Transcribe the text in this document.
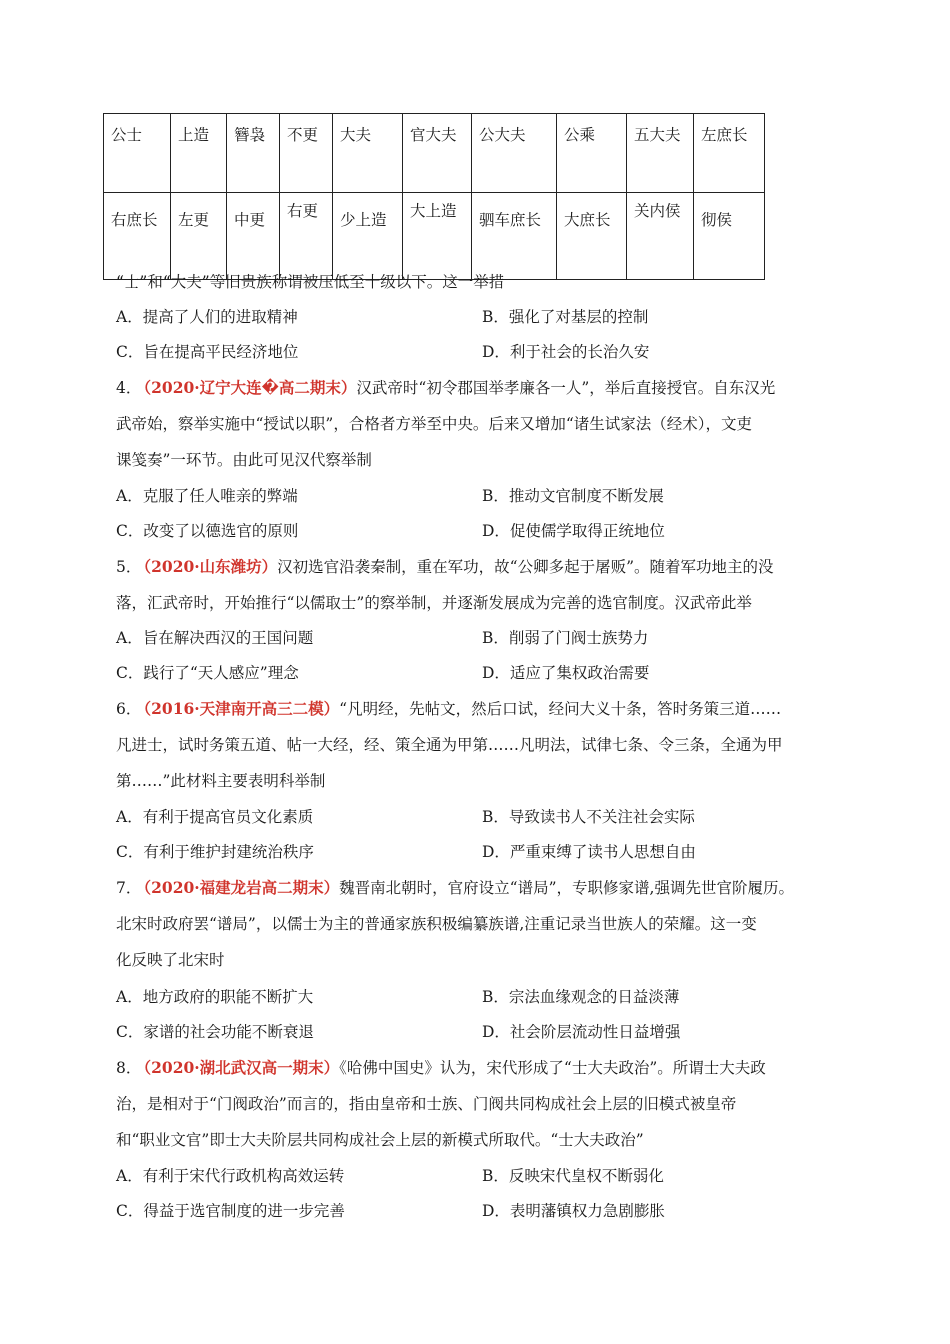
公士	上造	簪袅	不更	大夫	官大夫	公大夫	公乘	五大夫	左庶长
右庶长	左更	中更	右更	少上造	大上造	驷车庶长	大庶长	关内侯	彻侯
“士”和“大夫”等旧贵族称谓被压低至十级以下。这一举措
A．提高了人们的进取精神	B．强化了对基层的控制
C．旨在提高平民经济地位	D．利于社会的长治久安
4． （2020·辽宁大连�高二期末）汉武帝时“初令郡国举孝廉各一人”，举后直接授官。自东汉光
武帝始，察举实施中“授试以职”，合格者方举至中央。后来又增加“诸生试家法（经术），文吏
课笺奏”一环节。由此可见汉代察举制
A．克服了任人唯亲的弊端	B．推动文官制度不断发展
C．改变了以德选官的原则	D．促使儒学取得正统地位
5． （2020·山东潍坊）汉初选官沿袭秦制，重在军功，故“公卿多起于屠贩”。随着军功地主的没
落，汇武帝时，开始推行“以儒取士”的察举制，并逐渐发展成为完善的选官制度。汉武帝此举
A．旨在解决西汉的王国问题	B．削弱了门阀士族势力
C．践行了“天人感应”理念	D．适应了集权政治需要
6． （2016·天津南开高三二模）“凡明经，先帖文，然后口试，经问大义十条，答时务策三道……
凡进士，试时务策五道、帖一大经，经、策全通为甲第……凡明法，试律七条、令三条，全通为甲
第……”此材料主要表明科举制
A．有利于提高官员文化素质	B．导致读书人不关注社会实际
C．有利于维护封建统治秩序	D．严重束缚了读书人思想自由
7． （2020·福建龙岩高二期末）魏晋南北朝时，官府设立“谱局”，专职修家谱,强调先世官阶履历。
北宋时政府罢“谱局”，以儒士为主的普通家族积极编纂族谱,注重记录当世族人的荣耀。这一变
化反映了北宋时
A．地方政府的职能不断扩大	B．宗法血缘观念的日益淡薄
C．家谱的社会功能不断衰退	D．社会阶层流动性日益增强
8． （2020·湖北武汉高一期末）《哈佛中国史》认为，宋代形成了“士大夫政治”。所谓士大夫政
治，是相对于“门阀政治”而言的，指由皇帝和士族、门阀共同构成社会上层的旧模式被皇帝
和“职业文官”即士大夫阶层共同构成社会上层的新模式所取代。“士大夫政治”
A．有利于宋代行政机构高效运转	B．反映宋代皇权不断弱化
C．得益于选官制度的进一步完善	D．表明藩镇权力急剧膨胀
